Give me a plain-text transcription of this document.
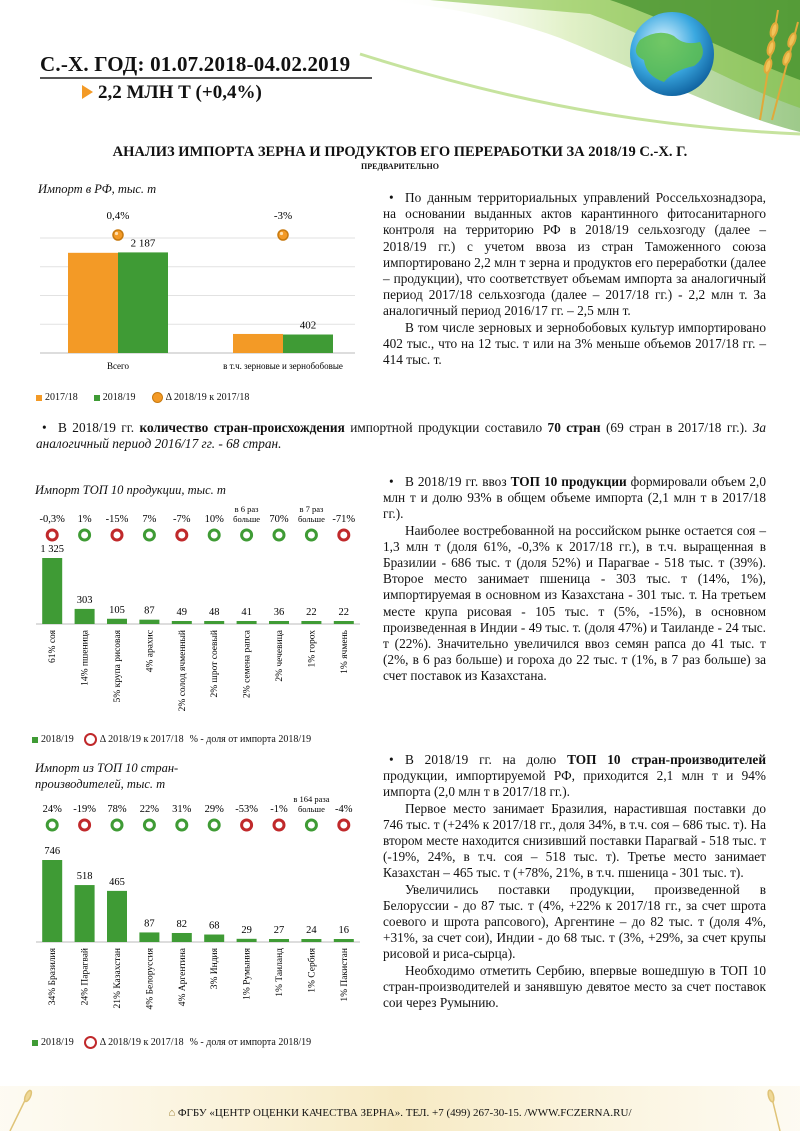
С.-Х. ГОД: 01.07.2018-04.02.2019
2,2 МЛН Т (+0,4%)
АНАЛИЗ ИМПОРТА ЗЕРНА И ПРОДУКТОВ ЕГО ПЕРЕРАБОТКИ ЗА 2018/19 С.-Х. Г.
ПРЕДВАРИТЕЛЬНО
Импорт в РФ, тыс. т
2 187
Всего
0,4%
402
в т.ч. зерновые и зернобобовые
-3%
2017/18	2018/19	Δ 2018/19 к 2017/18

• По данным территориальных управлений Россельхознадзора, на основании выданных актов карантинного фитосанитарного контроля на территорию РФ в 2018/19 сельхозгоду (далее – 2018/19 гг.) с учетом ввоза из стран Таможенного союза импортировано 2,2 млн т зерна и продуктов его переработки (далее – продукции), что соответствует объемам импорта за аналогичный период 2017/18 сельхозгода (далее – 2017/18 гг.) - 2,2 млн т. За аналогичный период 2016/17 гг. – 2,5 млн т.

В том числе зерновых и зернобобовых культур импортировано 402 тыс., что на 12 тыс. т или на 3% меньше объемов 2017/18 гг. – 414 тыс. т.

• В 2018/19 гг. количество стран-происхождения импортной продукции составило 70 стран (69 стран в 2017/18 гг.). За аналогичный период 2016/17 гг. - 68 стран.

Импорт ТОП 10 продукции, тыс. т
1 325
-0,3%
61% соя
303
1%
14% пшеница
105
-15%
5% крупа рисовая
87
7%
4% арахис
49
-7%
2% солод ячменный
48
10%
2% шрот соевый
41
в 6 раз
больше
2% семена рапса
36
70%
2% чечевица
22
в 7 раз
больше
1% горох
22
-71%
1% ячмень
2018/19	Δ 2018/19 к 2017/18 % - доля от импорта 2018/19

• В 2018/19 гг. ввоз ТОП 10 продукции формировали объем 2,0 млн т и долю 93% в общем объеме импорта (2,1 млн т в 2017/18 гг.).

Наиболее востребованной на российском рынке остается соя – 1,3 млн т (доля 61%, -0,3% к 2017/18 гг.), в т.ч. выращенная в Бразилии - 686 тыс. т (доля 52%) и Парагвае - 518 тыс. т (39%). Второе место занимает пшеница - 303 тыс. т (14%, 1%), импортируемая в основном из Казахстана - 301 тыс. т. На третьем месте крупа рисовая - 105 тыс. т (5%, -15%), в основном произведенная в Индии - 49 тыс. т. (доля 47%) и Таиланде - 24 тыс. т (22%). Значительно увеличился ввоз семян рапса до 41 тыс. т (2%, в 6 раз больше) и гороха до 22 тыс. т (1%, в 7 раз больше) за счет поставок из Казахстана.

Импорт из ТОП 10 стран-производителей, тыс. т
746
24%
34% Бразилия
518
-19%
24% Парагвай
465
78%
21% Казахстан
87
22%
4% Белоруссия
82
31%
4% Аргентина
68
29%
3% Индия
29
-53%
1% Румыния
27
-1%
1% Таиланд
24
в 164 раза
больше
1% Сербия
16
-4%
1% Пакистан
2018/19	Δ 2018/19 к 2017/18 % - доля от импорта 2018/19

• В 2018/19 гг. на долю ТОП 10 стран-производителей продукции, импортируемой РФ, приходится 2,1 млн т и 94% импорта (2,0 млн т в 2017/18 гг.).

Первое место занимает Бразилия, нарастившая поставки до 746 тыс. т (+24% к 2017/18 гг., доля 34%, в т.ч. соя – 686 тыс. т). На втором месте находится снизивший поставки Парагвай - 518 тыс. т (-19%, 24%, в т.ч. соя – 518 тыс. т). Третье место занимает Казахстан – 465 тыс. т (+78%, 21%, в т.ч. пшеница - 301 тыс. т).

Увеличились поставки продукции, произведенной в Белоруссии - до 87 тыс. т (4%, +22% к 2017/18 гг., за счет шрота соевого и шрота рапсового), Аргентине – до 82 тыс. т (доля 4%, +31%, за счет сои), Индии - до 68 тыс. т (3%, +29%, за счет крупы рисовой и риса-сырца).

Необходимо отметить Сербию, впервые вошедшую в ТОП 10 стран-производителей и занявшую девятое место за счет поставок сои через Румынию.

⌂ ФГБУ «ЦЕНТР ОЦЕНКИ КАЧЕСТВА ЗЕРНА». ТЕЛ. +7 (499) 267-30-15. /WWW.FCZERNA.RU/
